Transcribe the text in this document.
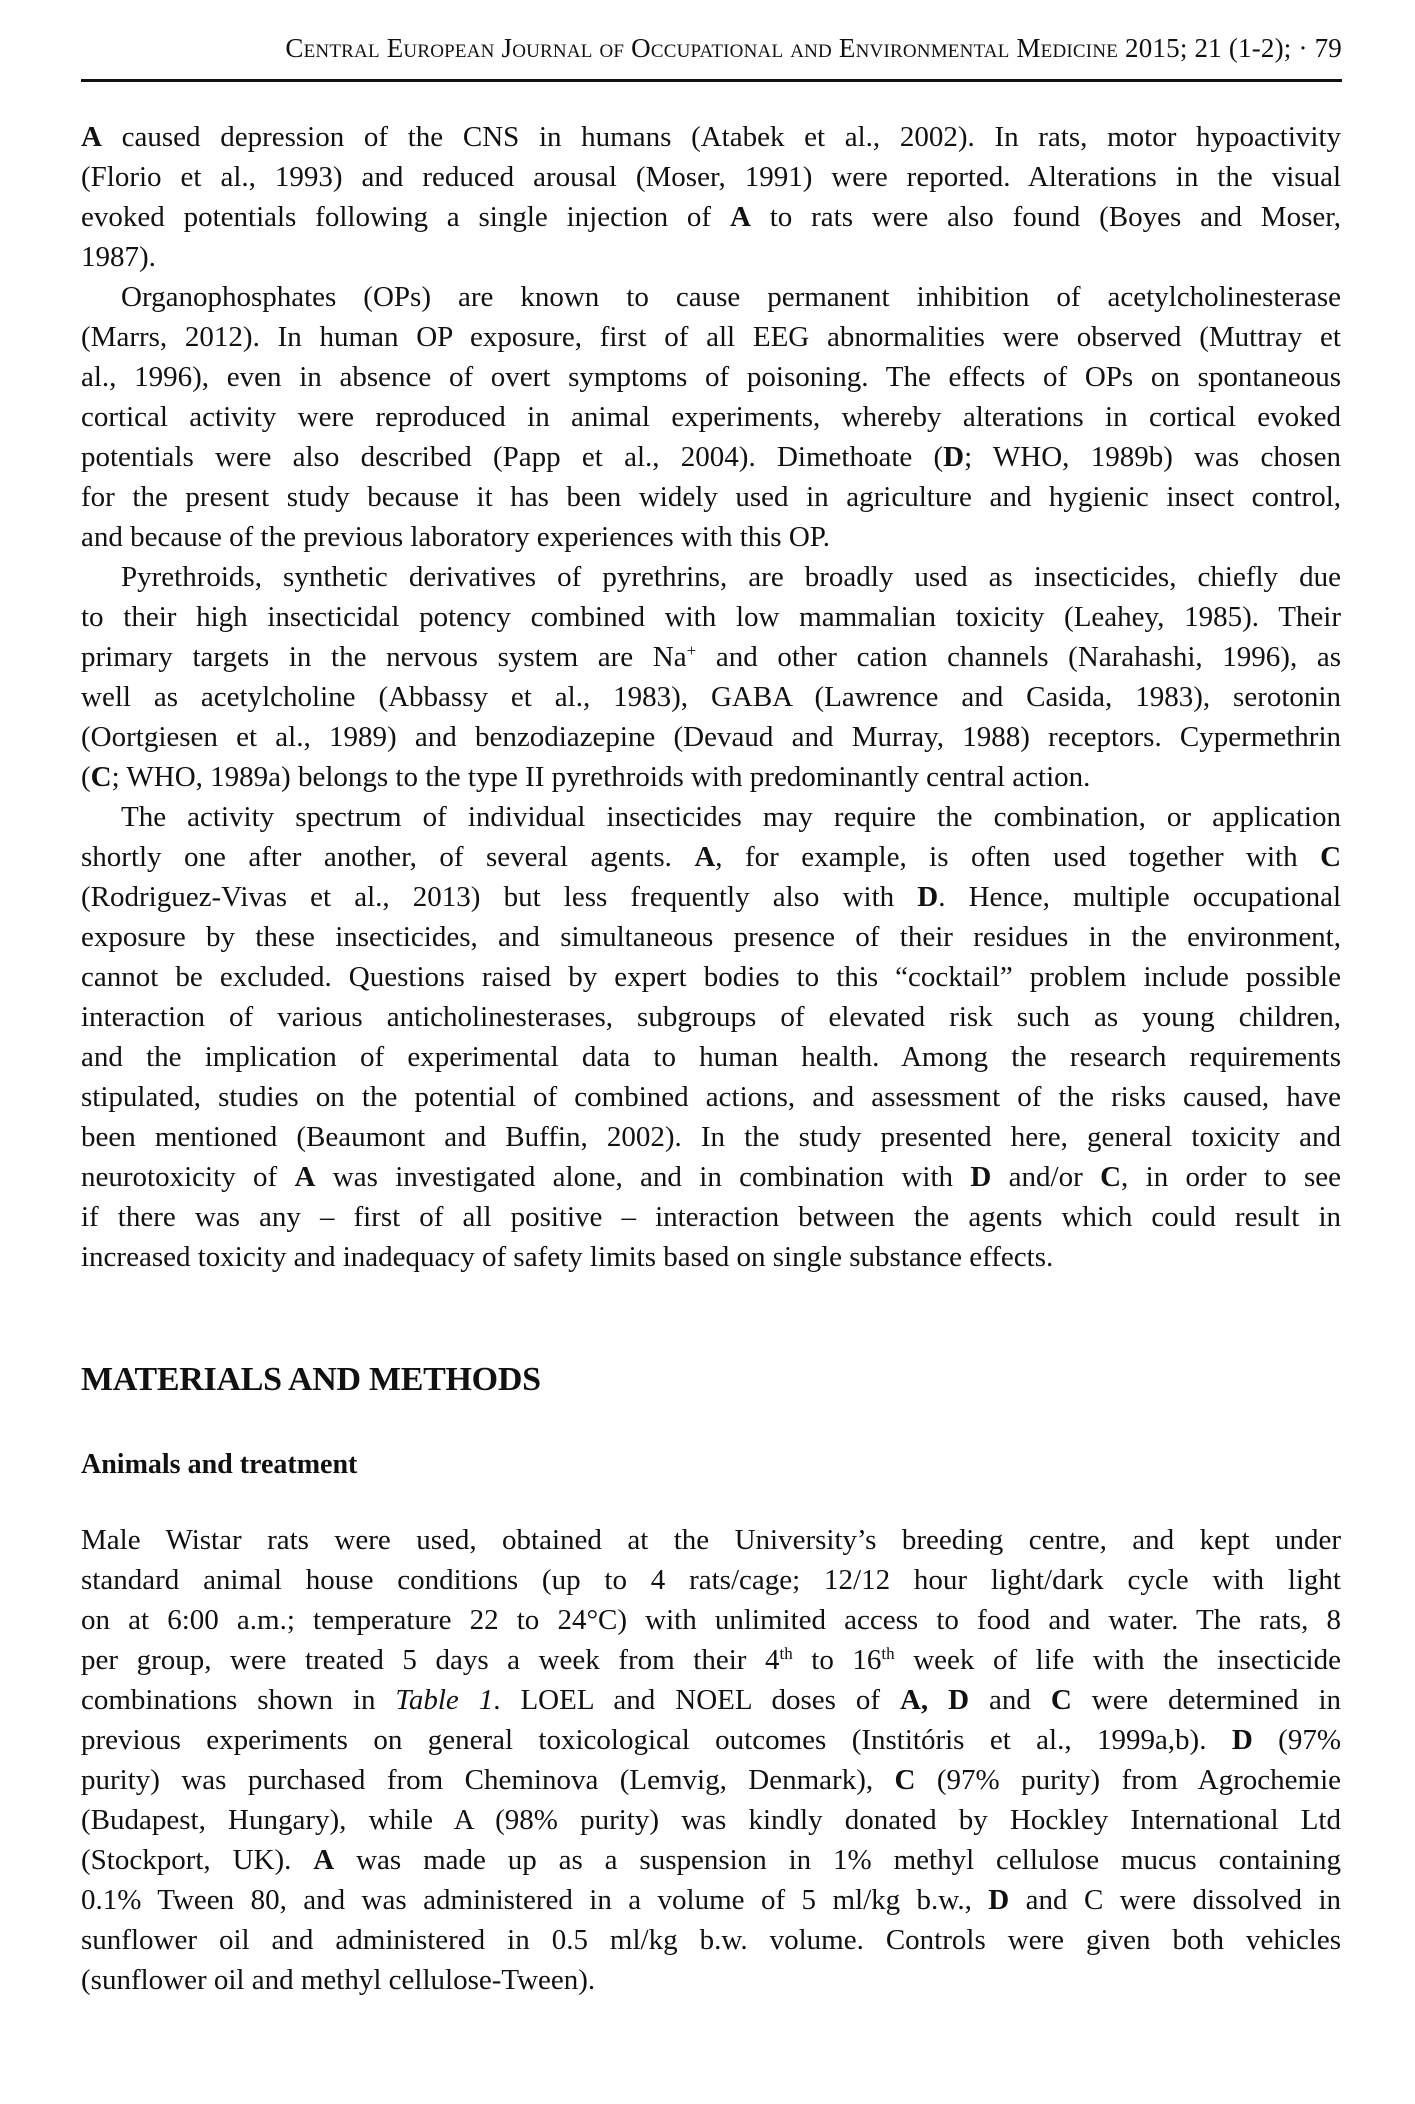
Central European Journal of Occupational and Environmental Medicine 2015; 21 (1-2); · 79
A caused depression of the CNS in humans (Atabek et al., 2002). In rats, motor hypoactivity
(Florio et al., 1993) and reduced arousal (Moser, 1991) were reported. Alterations in the visual
evoked potentials following a single injection of A to rats were also found (Boyes and Moser,
1987).
Organophosphates (OPs) are known to cause permanent inhibition of acetylcholinesterase
(Marrs, 2012). In human OP exposure, first of all EEG abnormalities were observed (Muttray et
al., 1996), even in absence of overt symptoms of poisoning. The effects of OPs on spontaneous
cortical activity were reproduced in animal experiments, whereby alterations in cortical evoked
potentials were also described (Papp et al., 2004). Dimethoate (D; WHO, 1989b) was chosen
for the present study because it has been widely used in agriculture and hygienic insect control,
and because of the previous laboratory experiences with this OP.
Pyrethroids, synthetic derivatives of pyrethrins, are broadly used as insecticides, chiefly due
to their high insecticidal potency combined with low mammalian toxicity (Leahey, 1985). Their
primary targets in the nervous system are Na+ and other cation channels (Narahashi, 1996), as
well as acetylcholine (Abbassy et al., 1983), GABA (Lawrence and Casida, 1983), serotonin
(Oortgiesen et al., 1989) and benzodiazepine (Devaud and Murray, 1988) receptors. Cypermethrin
(C; WHO, 1989a) belongs to the type II pyrethroids with predominantly central action.
The activity spectrum of individual insecticides may require the combination, or application
shortly one after another, of several agents. A, for example, is often used together with C
(Rodriguez-Vivas et al., 2013) but less frequently also with D. Hence, multiple occupational
exposure by these insecticides, and simultaneous presence of their residues in the environment,
cannot be excluded. Questions raised by expert bodies to this “cocktail” problem include possible
interaction of various anticholinesterases, subgroups of elevated risk such as young children,
and the implication of experimental data to human health. Among the research requirements
stipulated, studies on the potential of combined actions, and assessment of the risks caused, have
been mentioned (Beaumont and Buffin, 2002). In the study presented here, general toxicity and
neurotoxicity of A was investigated alone, and in combination with D and/or C, in order to see
if there was any – first of all positive – interaction between the agents which could result in
increased toxicity and inadequacy of safety limits based on single substance effects.
MATERIALS AND METHODS
Animals and treatment
Male Wistar rats were used, obtained at the University’s breeding centre, and kept under
standard animal house conditions (up to 4 rats/cage; 12/12 hour light/dark cycle with light
on at 6:00 a.m.; temperature 22 to 24°C) with unlimited access to food and water. The rats, 8
per group, were treated 5 days a week from their 4th to 16th week of life with the insecticide
combinations shown in Table 1. LOEL and NOEL doses of A, D and C were determined in
previous experiments on general toxicological outcomes (Institóris et al., 1999a,b). D (97%
purity) was purchased from Cheminova (Lemvig, Denmark), C (97% purity) from Agrochemie
(Budapest, Hungary), while A (98% purity) was kindly donated by Hockley International Ltd
(Stockport, UK). A was made up as a suspension in 1% methyl cellulose mucus containing
0.1% Tween 80, and was administered in a volume of 5 ml/kg b.w., D and C were dissolved in
sunflower oil and administered in 0.5 ml/kg b.w. volume. Controls were given both vehicles
(sunflower oil and methyl cellulose-Tween).
